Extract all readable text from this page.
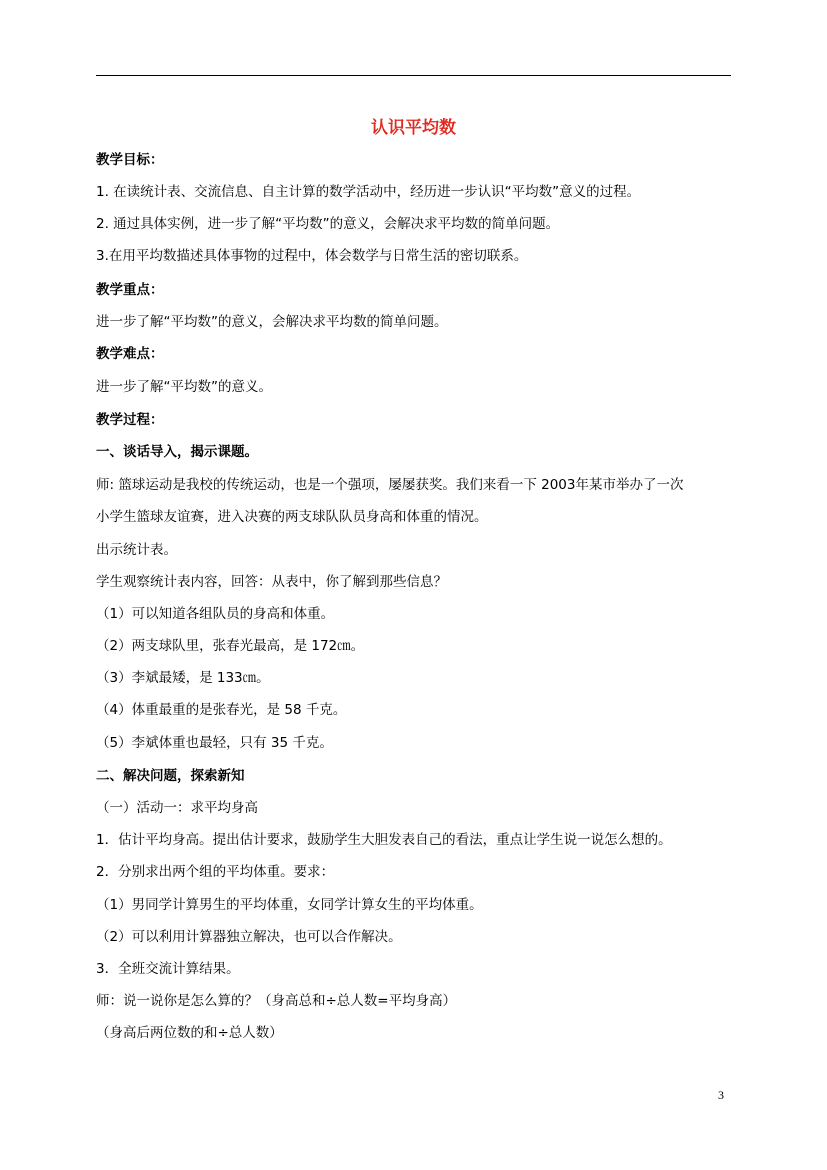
认识平均数
教学目标：
1. 在读统计表、交流信息、自主计算的数学活动中，经历进一步认识“平均数”意义的过程。
2. 通过具体实例，进一步了解“平均数”的意义，会解决求平均数的简单问题。
3.在用平均数描述具体事物的过程中，体会数学与日常生活的密切联系。
教学重点：
进一步了解“平均数”的意义，会解决求平均数的简单问题。
教学难点：
进一步了解“平均数”的意义。
教学过程：
一、谈话导入，揭示课题。
师: 篮球运动是我校的传统运动，也是一个强项，屡屡获奖。我们来看一下 2003年某市举办了一次
小学生篮球友谊赛，进入决赛的两支球队队员身高和体重的情况。
出示统计表。
学生观察统计表内容，回答：从表中，你了解到那些信息？
（1）可以知道各组队员的身高和体重。
（2）两支球队里，张春光最高，是 172㎝。
（3）李斌最矮，是 133㎝。
（4）体重最重的是张春光，是 58 千克。
（5）李斌体重也最轻，只有 35 千克。
二、解决问题，探索新知
（一）活动一：求平均身高
1．估计平均身高。提出估计要求，鼓励学生大胆发表自己的看法，重点让学生说一说怎么想的。
2．分别求出两个组的平均体重。要求：
（1）男同学计算男生的平均体重，女同学计算女生的平均体重。
（2）可以利用计算器独立解决，也可以合作解决。
3．全班交流计算结果。
师：说一说你是怎么算的？（身高总和÷总人数=平均身高）
（身高后两位数的和÷总人数）
3
